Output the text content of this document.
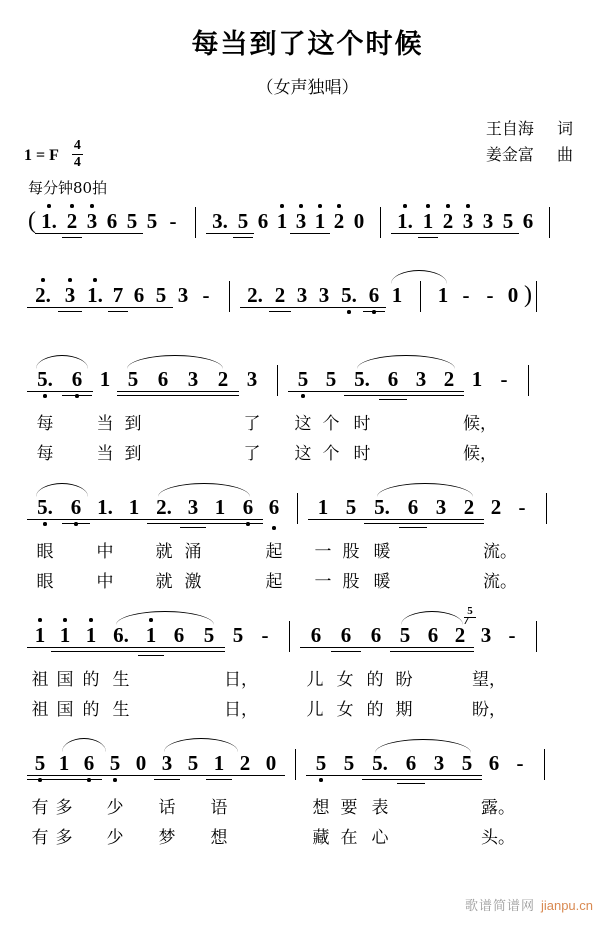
每当到了这个时候
（女声独唱）
王自海 词
姜金富 曲
1 = F $\frac{4}{4}$
每分钟80拍
( 1.
2
3
6
5
5
-
	3.
5
6
1
3
1
2
0
1.
1
2
3
3
5
6

2.
3
1.
7
6
5
3
-
	2.
2
3
3
5.
6
1
	1
-
-
0 )
5.
6
1
5
6
3
2
3
	5
5
5.
6
3
2
1
-

每	当 到	了 这 个 时	候，
每	当 到	了 这 个 时	候，
5.
6
1.
1
2.
3
1
6
6
	1
5
5.
6
3
2
2
-

眼	中 就 涌	起 一 股 暖	流。
眼	中 就 激	起 一 股 暖	流。
1
1
1
6.
1
6
5
5
-
	6
6
6
5
6
2

5
3
-

祖 国 的 生	日，	儿 女 的 盼	望，
祖 国 的 生	日，	儿 女 的 期	盼，
5
1
6
5
0
3
5
1
2
0
	5
5
5.
6
3
5
6
-

有 多 少 话 语	想 要 表	露。
有 多 少 梦 想	藏 在 心	头。
歌谱简谱网 jianpu.cn
